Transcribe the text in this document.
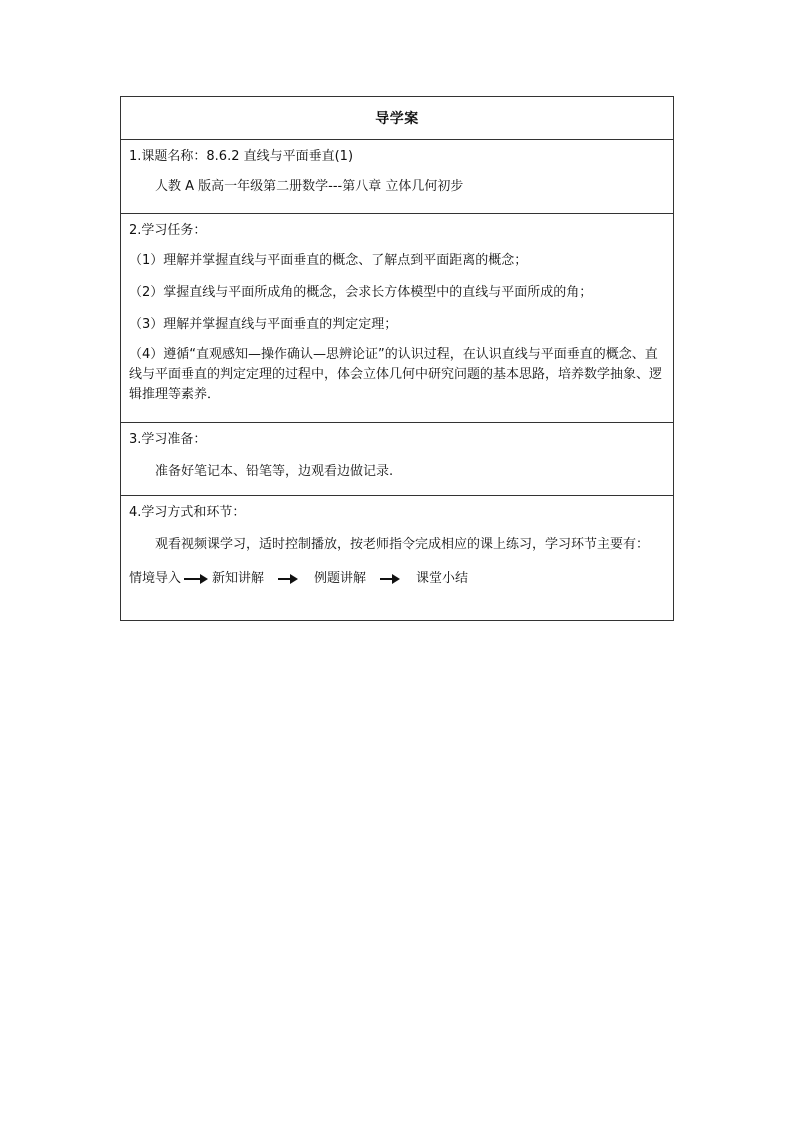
导学案
1.课题名称：8.6.2 直线与平面垂直(1)
人教 A 版高一年级第二册数学---第八章 立体几何初步
2.学习任务：
（1）理解并掌握直线与平面垂直的概念、了解点到平面距离的概念；
（2）掌握直线与平面所成角的概念，会求长方体模型中的直线与平面所成的角；
（3）理解并掌握直线与平面垂直的判定定理；
（4）遵循“直观感知—操作确认—思辨论证”的认识过程，在认识直线与平面垂直的概念、直线与平面垂直的判定定理的过程中，体会立体几何中研究问题的基本思路，培养数学抽象、逻辑推理等素养．
3.学习准备：
准备好笔记本、铅笔等，边观看边做记录.
4.学习方式和环节：
观看视频课学习，适时控制播放，按老师指令完成相应的课上练习，学习环节主要有：
情境导入 新知讲解	例题讲解	课堂小结
